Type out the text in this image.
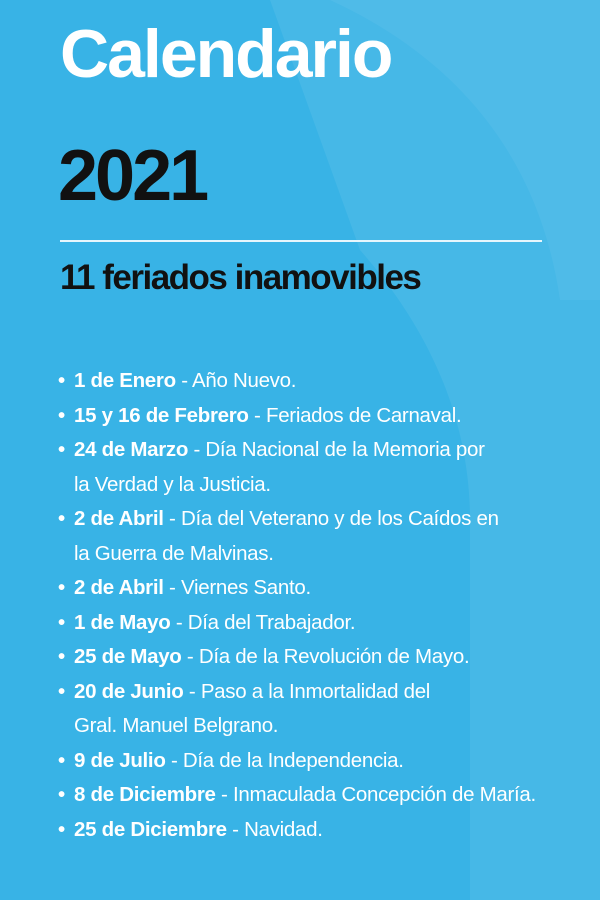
Calendario
2021
11 feriados inamovibles
• 1 de Enero - Año Nuevo.
• 15 y 16 de Febrero - Feriados de Carnaval.
• 24 de Marzo - Día Nacional de la Memoria por la Verdad y la Justicia.
• 2 de Abril - Día del Veterano y de los Caídos en la Guerra de Malvinas.
• 2 de Abril - Viernes Santo.
• 1 de Mayo - Día del Trabajador.
• 25 de Mayo - Día de la Revolución de Mayo.
• 20 de Junio - Paso a la Inmortalidad del Gral. Manuel Belgrano.
• 9 de Julio - Día de la Independencia.
• 8 de Diciembre - Inmaculada Concepción de María.
• 25 de Diciembre - Navidad.
